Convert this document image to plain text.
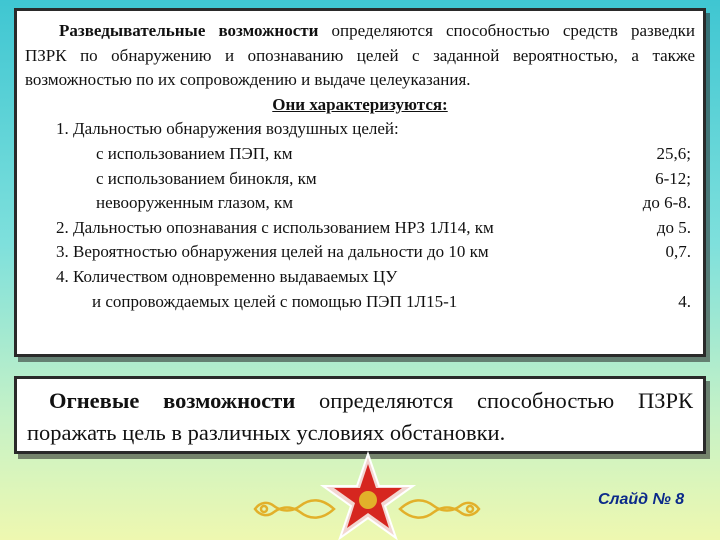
Разведывательные возможности определяются способностью средств разведки ПЗРК по обнаружению и опознаванию целей с заданной вероятностью, а также возможностью по их сопровождению и выдаче целеуказания.
Они характеризуются:
1. Дальностью обнаружения воздушных целей:
с использованием ПЭП, км	25,6;
с использованием бинокля, км	6-12;
невооруженным глазом, км	до 6-8.
2. Дальностью опознавания с использованием НРЗ 1Л14, км	до 5.
3. Вероятностью обнаружения целей на дальности до 10 км	0,7.
4. Количеством одновременно выдаваемых ЦУ
и сопровождаемых целей с помощью ПЭП 1Л15-1	4.
Огневые возможности определяются способностью ПЗРК поражать цель в различных условиях обстановки.
Слайд № 8
